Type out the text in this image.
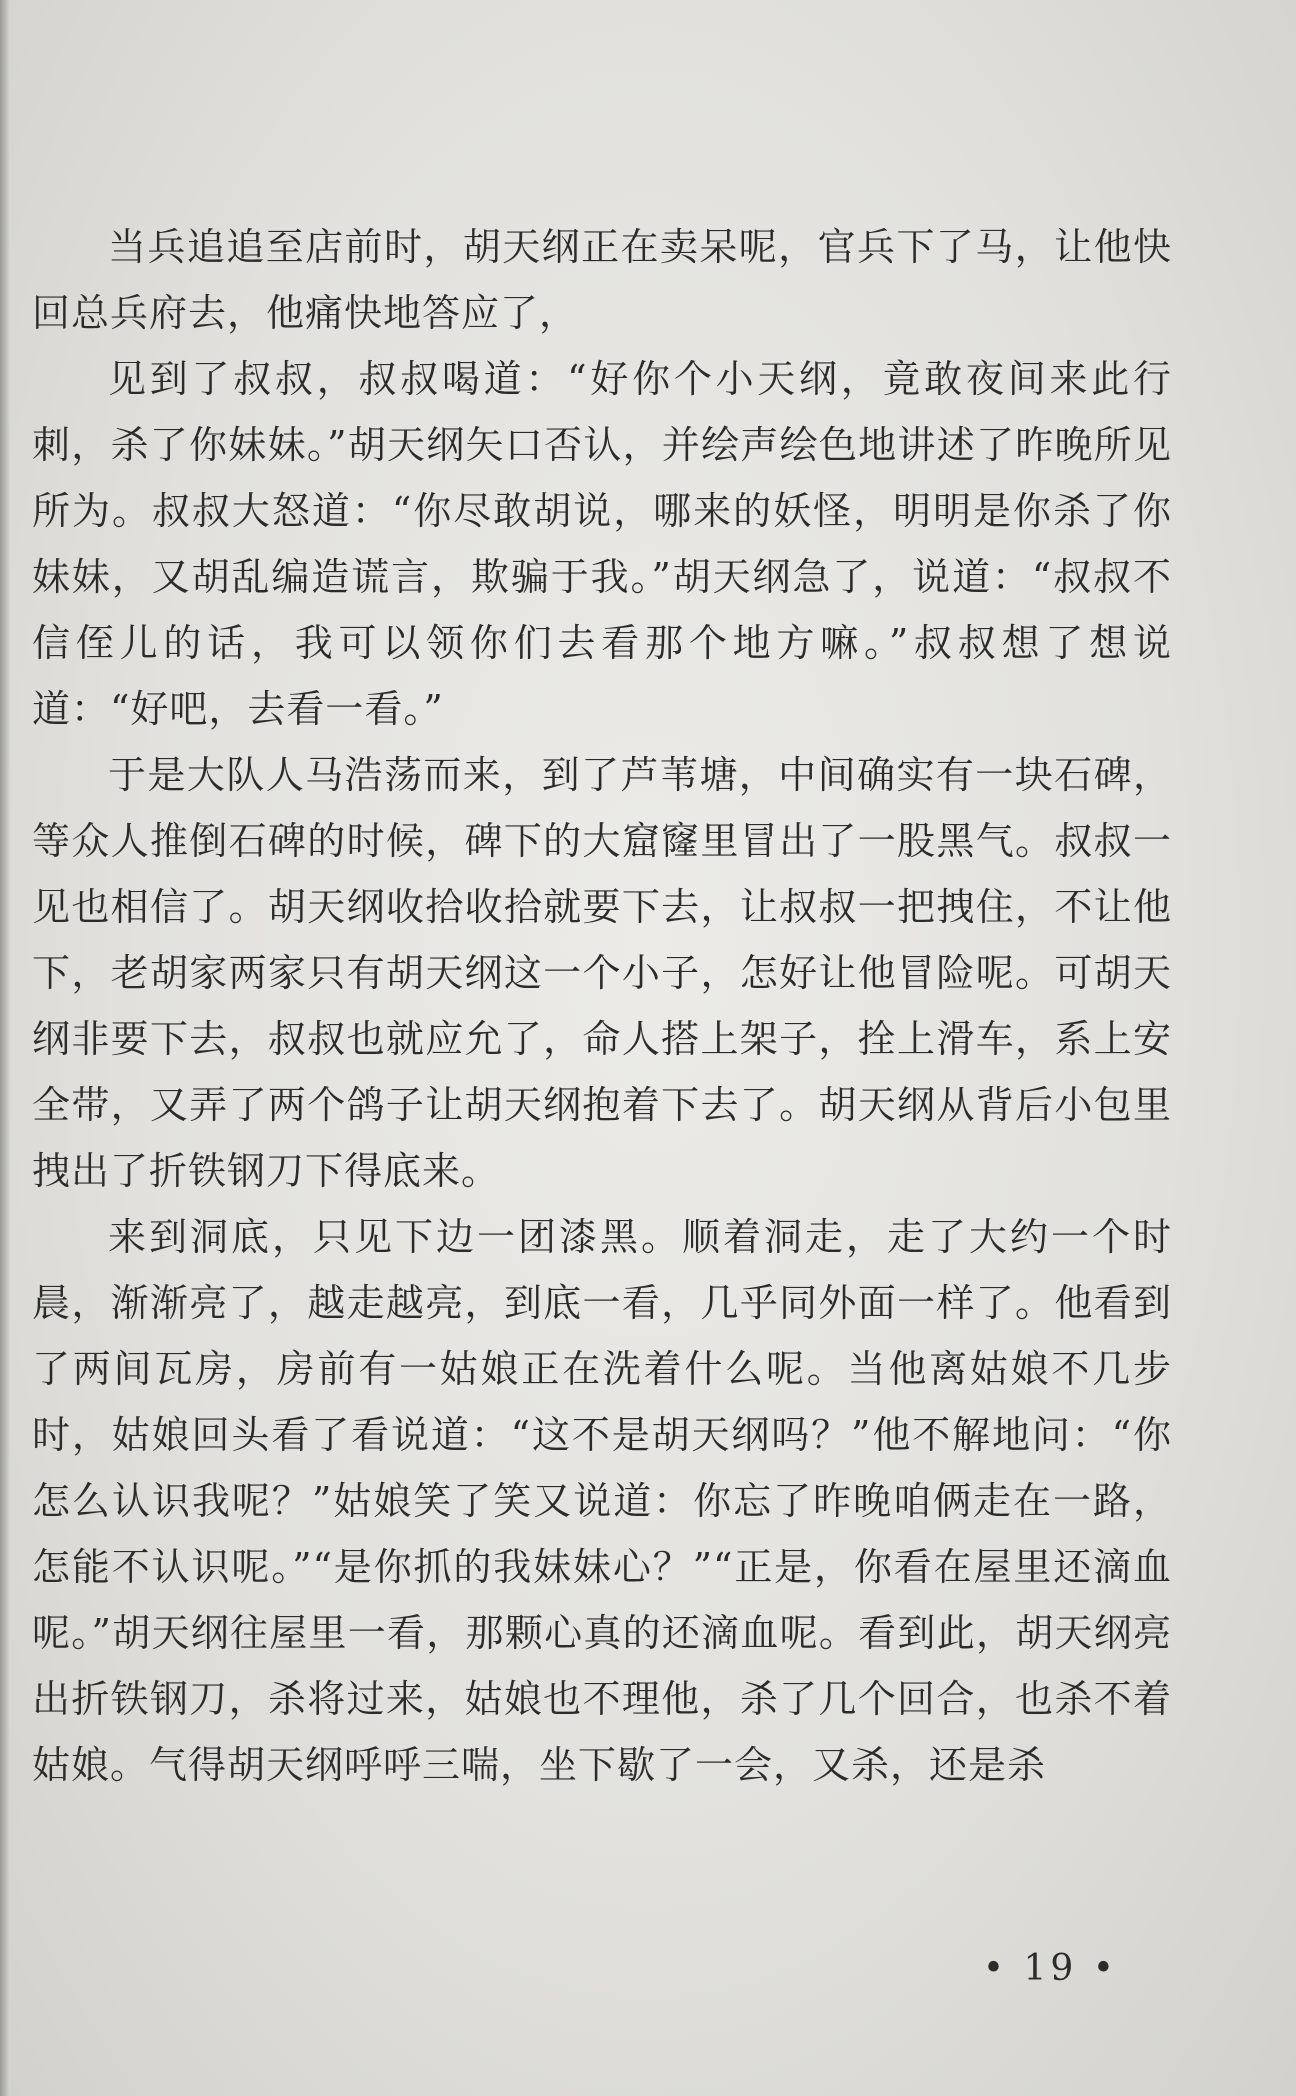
当兵追追至店前时，胡天纲正在卖呆呢，官兵下了马，让他快回总兵府去，他痛快地答应了，

见到了叔叔，叔叔喝道：“好你个小天纲，竟敢夜间来此行刺，杀了你妹妹。”胡天纲矢口否认，并绘声绘色地讲述了昨晚所见所为。叔叔大怒道：“你尽敢胡说，哪来的妖怪，明明是你杀了你妹妹，又胡乱编造谎言，欺骗于我。”胡天纲急了，说道：“叔叔不信侄儿的话，我可以领你们去看那个地方嘛。”叔叔想了想说道：“好吧，去看一看。”

于是大队人马浩荡而来，到了芦苇塘，中间确实有一块石碑，等众人推倒石碑的时候，碑下的大窟窿里冒出了一股黑气。叔叔一见也相信了。胡天纲收拾收拾就要下去，让叔叔一把拽住，不让他下，老胡家两家只有胡天纲这一个小子，怎好让他冒险呢。可胡天纲非要下去，叔叔也就应允了，命人搭上架子，拴上滑车，系上安全带，又弄了两个鸽子让胡天纲抱着下去了。胡天纲从背后小包里拽出了折铁钢刀下得底来。

来到洞底，只见下边一团漆黑。顺着洞走，走了大约一个时晨，渐渐亮了，越走越亮，到底一看，几乎同外面一样了。他看到了两间瓦房，房前有一姑娘正在洗着什么呢。当他离姑娘不几步时，姑娘回头看了看说道：“这不是胡天纲吗？”他不解地问：“你怎么认识我呢？”姑娘笑了笑又说道：你忘了昨晚咱俩走在一路，怎能不认识呢。”“是你抓的我妹妹心？”“正是，你看在屋里还滴血呢。”胡天纲往屋里一看，那颗心真的还滴血呢。看到此，胡天纲亮出折铁钢刀，杀将过来，姑娘也不理他，杀了几个回合，也杀不着姑娘。气得胡天纲呼呼三喘，坐下歇了一会，又杀，还是杀

• 19 •
